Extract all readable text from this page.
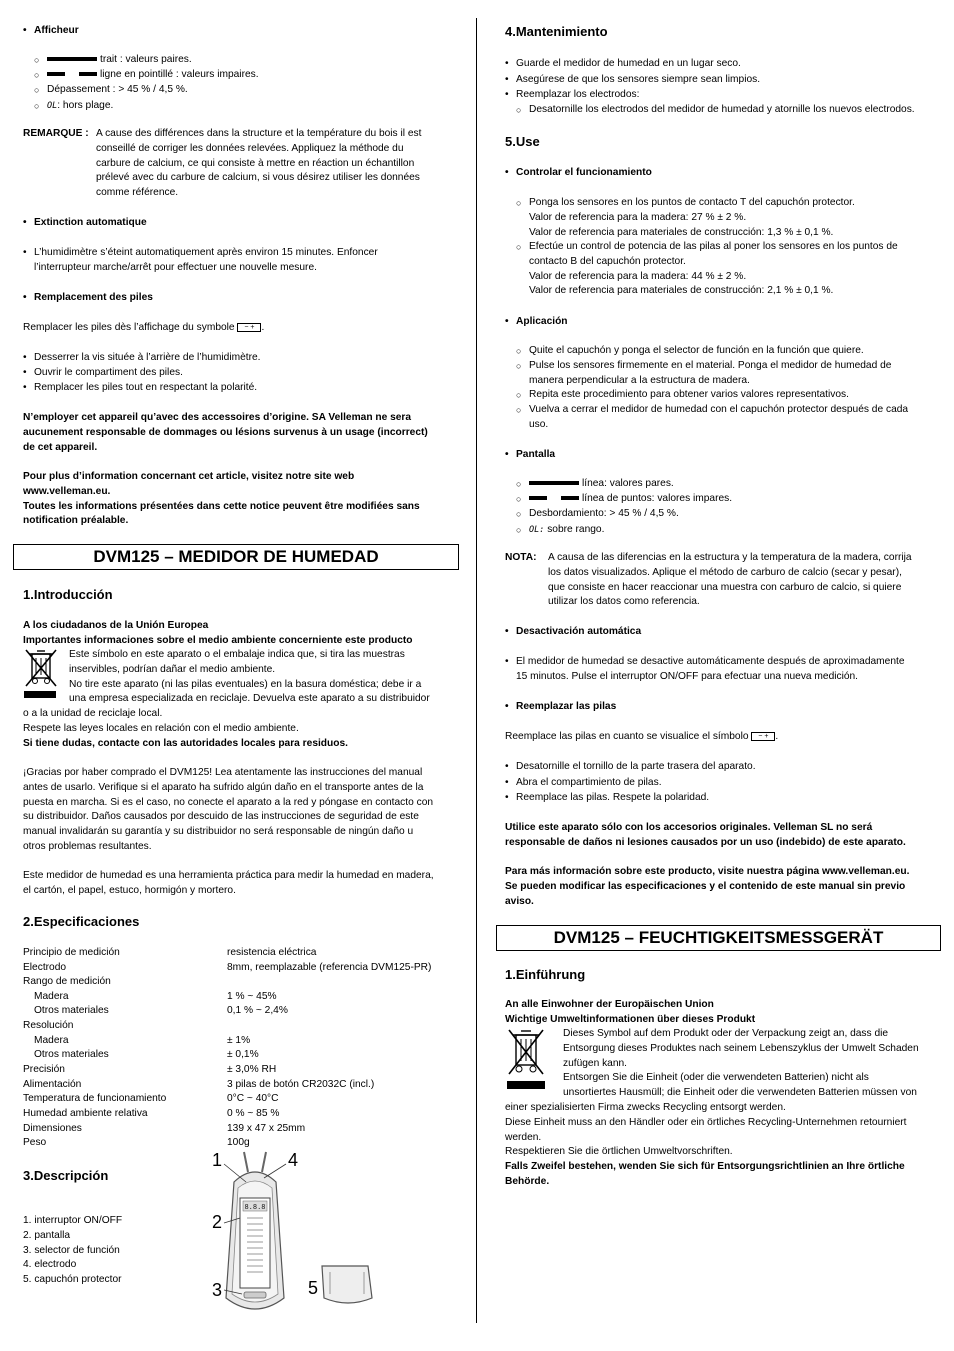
• Afficheur
○ trait : valeurs paires.
○ ligne en pointillé : valeurs impaires.
○ Dépassement : > 45 % / 4,5 %.
○ OL: hors plage.
REMARQUE : A cause des différences dans la structure et la température du bois il est
conseillé de corriger les données relevées. Appliquez la méthode du
carbure de calcium, ce qui consiste à mettre en réaction un échantillon
prélevé avec du carbure de calcium, si vous désirez utiliser les données
comme référence.
• Extinction automatique
• L’humidimètre s’éteint automatiquement après environ 15 minutes. Enfoncer
l’interrupteur marche/arrêt pour effectuer une nouvelle mesure.
• Remplacement des piles
Remplacer les piles dès l’affichage du symbole − + .
• Desserrer la vis située à l’arrière de l’humidimètre.
• Ouvrir le compartiment des piles.
• Remplacer les piles tout en respectant la polarité.
N’employer cet appareil qu’avec des accessoires d’origine. SA Velleman ne sera
aucunement responsable de dommages ou lésions survenus à un usage (incorrect)
de cet appareil.
Pour plus d’information concernant cet article, visitez notre site web
www.velleman.eu.
Toutes les informations présentées dans cette notice peuvent être modifiées sans
notification préalable.
DVM125 – MEDIDOR DE HUMEDAD
1.Introducción
A los ciudadanos de la Unión Europea
Importantes informaciones sobre el medio ambiente concerniente este producto
Este símbolo en este aparato o el embalaje indica que, si tira las muestras
inservibles, podrían dañar el medio ambiente.
No tire este aparato (ni las pilas eventuales) en la basura doméstica; debe ir a
una empresa especializada en reciclaje. Devuelva este aparato a su distribuidor
o a la unidad de reciclaje local.
Respete las leyes locales en relación con el medio ambiente.
Si tiene dudas, contacte con las autoridades locales para residuos.
¡Gracias por haber comprado el DVM125! Lea atentamente las instrucciones del manual
antes de usarlo. Verifique si el aparato ha sufrido algún daño en el transporte antes de la
puesta en marcha. Si es el caso, no conecte el aparato a la red y póngase en contacto con
su distribuidor. Daños causados por descuido de las instrucciones de seguridad de este
manual invalidarán su garantía y su distribuidor no será responsable de ningún daño u
otros problemas resultantes.
Este medidor de humedad es una herramienta práctica para medir la humedad en madera,
el cartón, el papel, estuco, hormigón y mortero.
2.Especificaciones
Principio de medición	resistencia eléctrica
Electrodo	8mm, reemplazable (referencia DVM125-PR)
Rango de medición
Madera	1 % ~ 45%
Otros materiales	0,1 % ~ 2,4%
Resolución
Madera	± 1%
Otros materiales	± 0,1%
Precisión	± 3,0% RH
Alimentación	3 pilas de botón CR2032C (incl.)
Temperatura de funcionamiento	0°C ~ 40°C
Humedad ambiente relativa	0 % ~ 85 %
Dimensiones	139 x 47 x 25mm
Peso	100g
3.Descripción
1. interruptor ON/OFF
2. pantalla
3. selector de función
4. electrodo
5. capuchón protector
8.8.8
1	4
2
3	5
4.Mantenimiento
• Guarde el medidor de humedad en un lugar seco.
• Asegúrese de que los sensores siempre sean limpios.
• Reemplazar los electrodos:
○ Desatornille los electrodos del medidor de humedad y atornille los nuevos electrodos.
5.Use
• Controlar el funcionamiento
○ Ponga los sensores en los puntos de contacto T del capuchón protector.
Valor de referencia para la madera: 27 % ± 2 %.
Valor de referencia para materiales de construcción: 1,3 % ± 0,1 %.
○ Efectúe un control de potencia de las pilas al poner los sensores en los puntos de
contacto B del capuchón protector.
Valor de referencia para la madera: 44 % ± 2 %.
Valor de referencia para materiales de construcción: 2,1 % ± 0,1 %.
• Aplicación
○ Quite el capuchón y ponga el selector de función en la función que quiere.
○ Pulse los sensores firmemente en el material. Ponga el medidor de humedad de
manera perpendicular a la estructura de madera.
○ Repita este procedimiento para obtener varios valores representativos.
○ Vuelva a cerrar el medidor de humedad con el capuchón protector después de cada
uso.
• Pantalla
○ línea: valores pares.
○ línea de puntos: valores impares.
○ Desbordamiento: > 45 % / 4,5 %.
○ OL: sobre rango.
NOTA: A causa de las diferencias en la estructura y la temperatura de la madera, corrija
los datos visualizados. Aplique el método de carburo de calcio (secar y pesar),
que consiste en hacer reaccionar una muestra con carburo de calcio, si quiere
utilizar los datos como referencia.
• Desactivación automática
• El medidor de humedad se desactive automáticamente después de aproximadamente
15 minutos. Pulse el interruptor ON/OFF para efectuar una nueva medición.
• Reemplazar las pilas
Reemplace las pilas en cuanto se visualice el símbolo − + .
• Desatornille el tornillo de la parte trasera del aparato.
• Abra el compartimiento de pilas.
• Reemplace las pilas. Respete la polaridad.
Utilice este aparato sólo con los accesorios originales. Velleman SL no será
responsable de daños ni lesiones causados por un uso (indebido) de este aparato.
Para más información sobre este producto, visite nuestra página www.velleman.eu.
Se pueden modificar las especificaciones y el contenido de este manual sin previo
aviso.
DVM125 – FEUCHTIGKEITSMESSGERÄT
1.Einführung
An alle Einwohner der Europäischen Union
Wichtige Umweltinformationen über dieses Produkt
Dieses Symbol auf dem Produkt oder der Verpackung zeigt an, dass die
Entsorgung dieses Produktes nach seinem Lebenszyklus der Umwelt Schaden
zufügen kann.
Entsorgen Sie die Einheit (oder die verwendeten Batterien) nicht als
unsortiertes Hausmüll; die Einheit oder die verwendeten Batterien müssen von
einer spezialisierten Firma zwecks Recycling entsorgt werden.
Diese Einheit muss an den Händler oder ein örtliches Recycling-Unternehmen retourniert
werden.
Respektieren Sie die örtlichen Umweltvorschriften.
Falls Zweifel bestehen, wenden Sie sich für Entsorgungsrichtlinien an Ihre örtliche
Behörde.
